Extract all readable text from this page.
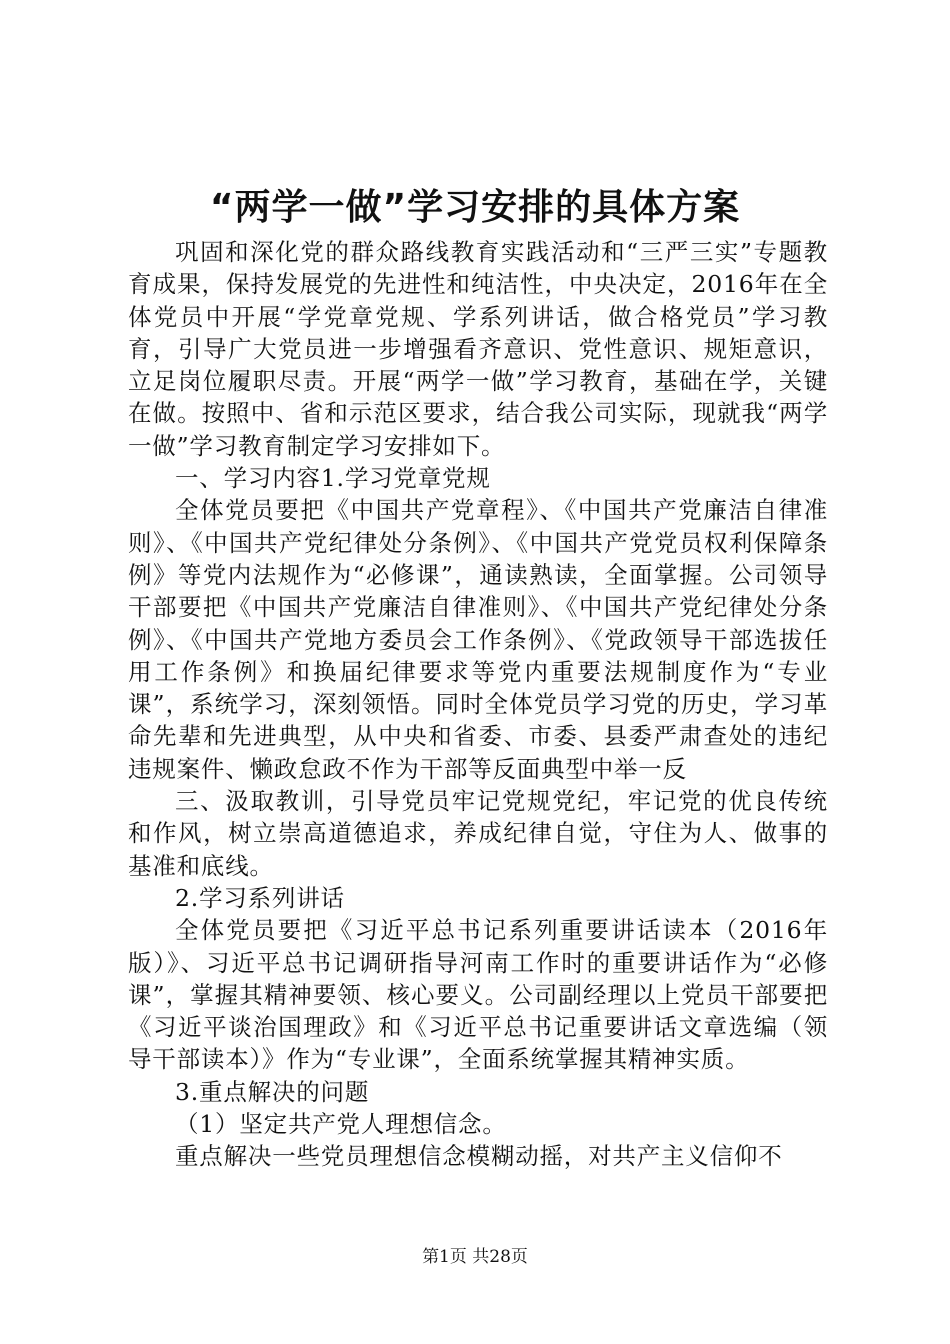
“两学一做”学习安排的具体方案

巩固和深化党的群众路线教育实践活动和“三严三实”专题教育成果，保持发展党的先进性和纯洁性，中央决定，2016年在全体党员中开展“学党章党规、学系列讲话，做合格党员”学习教育，引导广大党员进一步增强看齐意识、党性意识、规矩意识，立足岗位履职尽责。开展“两学一做”学习教育，基础在学，关键在做。按照中、省和示范区要求，结合我公司实际，现就我“两学一做”学习教育制定学习安排如下。

一、学习内容1.学习党章党规

全体党员要把《中国共产党章程》、《中国共产党廉洁自律准则》、《中国共产党纪律处分条例》、《中国共产党党员权利保障条例》等党内法规作为“必修课”，通读熟读，全面掌握。公司领导干部要把《中国共产党廉洁自律准则》、《中国共产党纪律处分条例》、《中国共产党地方委员会工作条例》、《党政领导干部选拔任用工作条例》和换届纪律要求等党内重要法规制度作为“专业课”，系统学习，深刻领悟。同时全体党员学习党的历史，学习革命先辈和先进典型，从中央和省委、市委、县委严肃查处的违纪违规案件、懒政怠政不作为干部等反面典型中举一反

三、汲取教训，引导党员牢记党规党纪，牢记党的优良传统和作风，树立崇高道德追求，养成纪律自觉，守住为人、做事的基准和底线。

2.学习系列讲话

全体党员要把《习近平总书记系列重要讲话读本（2016年版）》、习近平总书记调研指导河南工作时的重要讲话作为“必修课”，掌握其精神要领、核心要义。公司副经理以上党员干部要把《习近平谈治国理政》和《习近平总书记重要讲话文章选编（领导干部读本）》作为“专业课”，全面系统掌握其精神实质。

3.重点解决的问题

（1）坚定共产党人理想信念。

重点解决一些党员理想信念模糊动摇，对共产主义信仰不

第1页 共28页
